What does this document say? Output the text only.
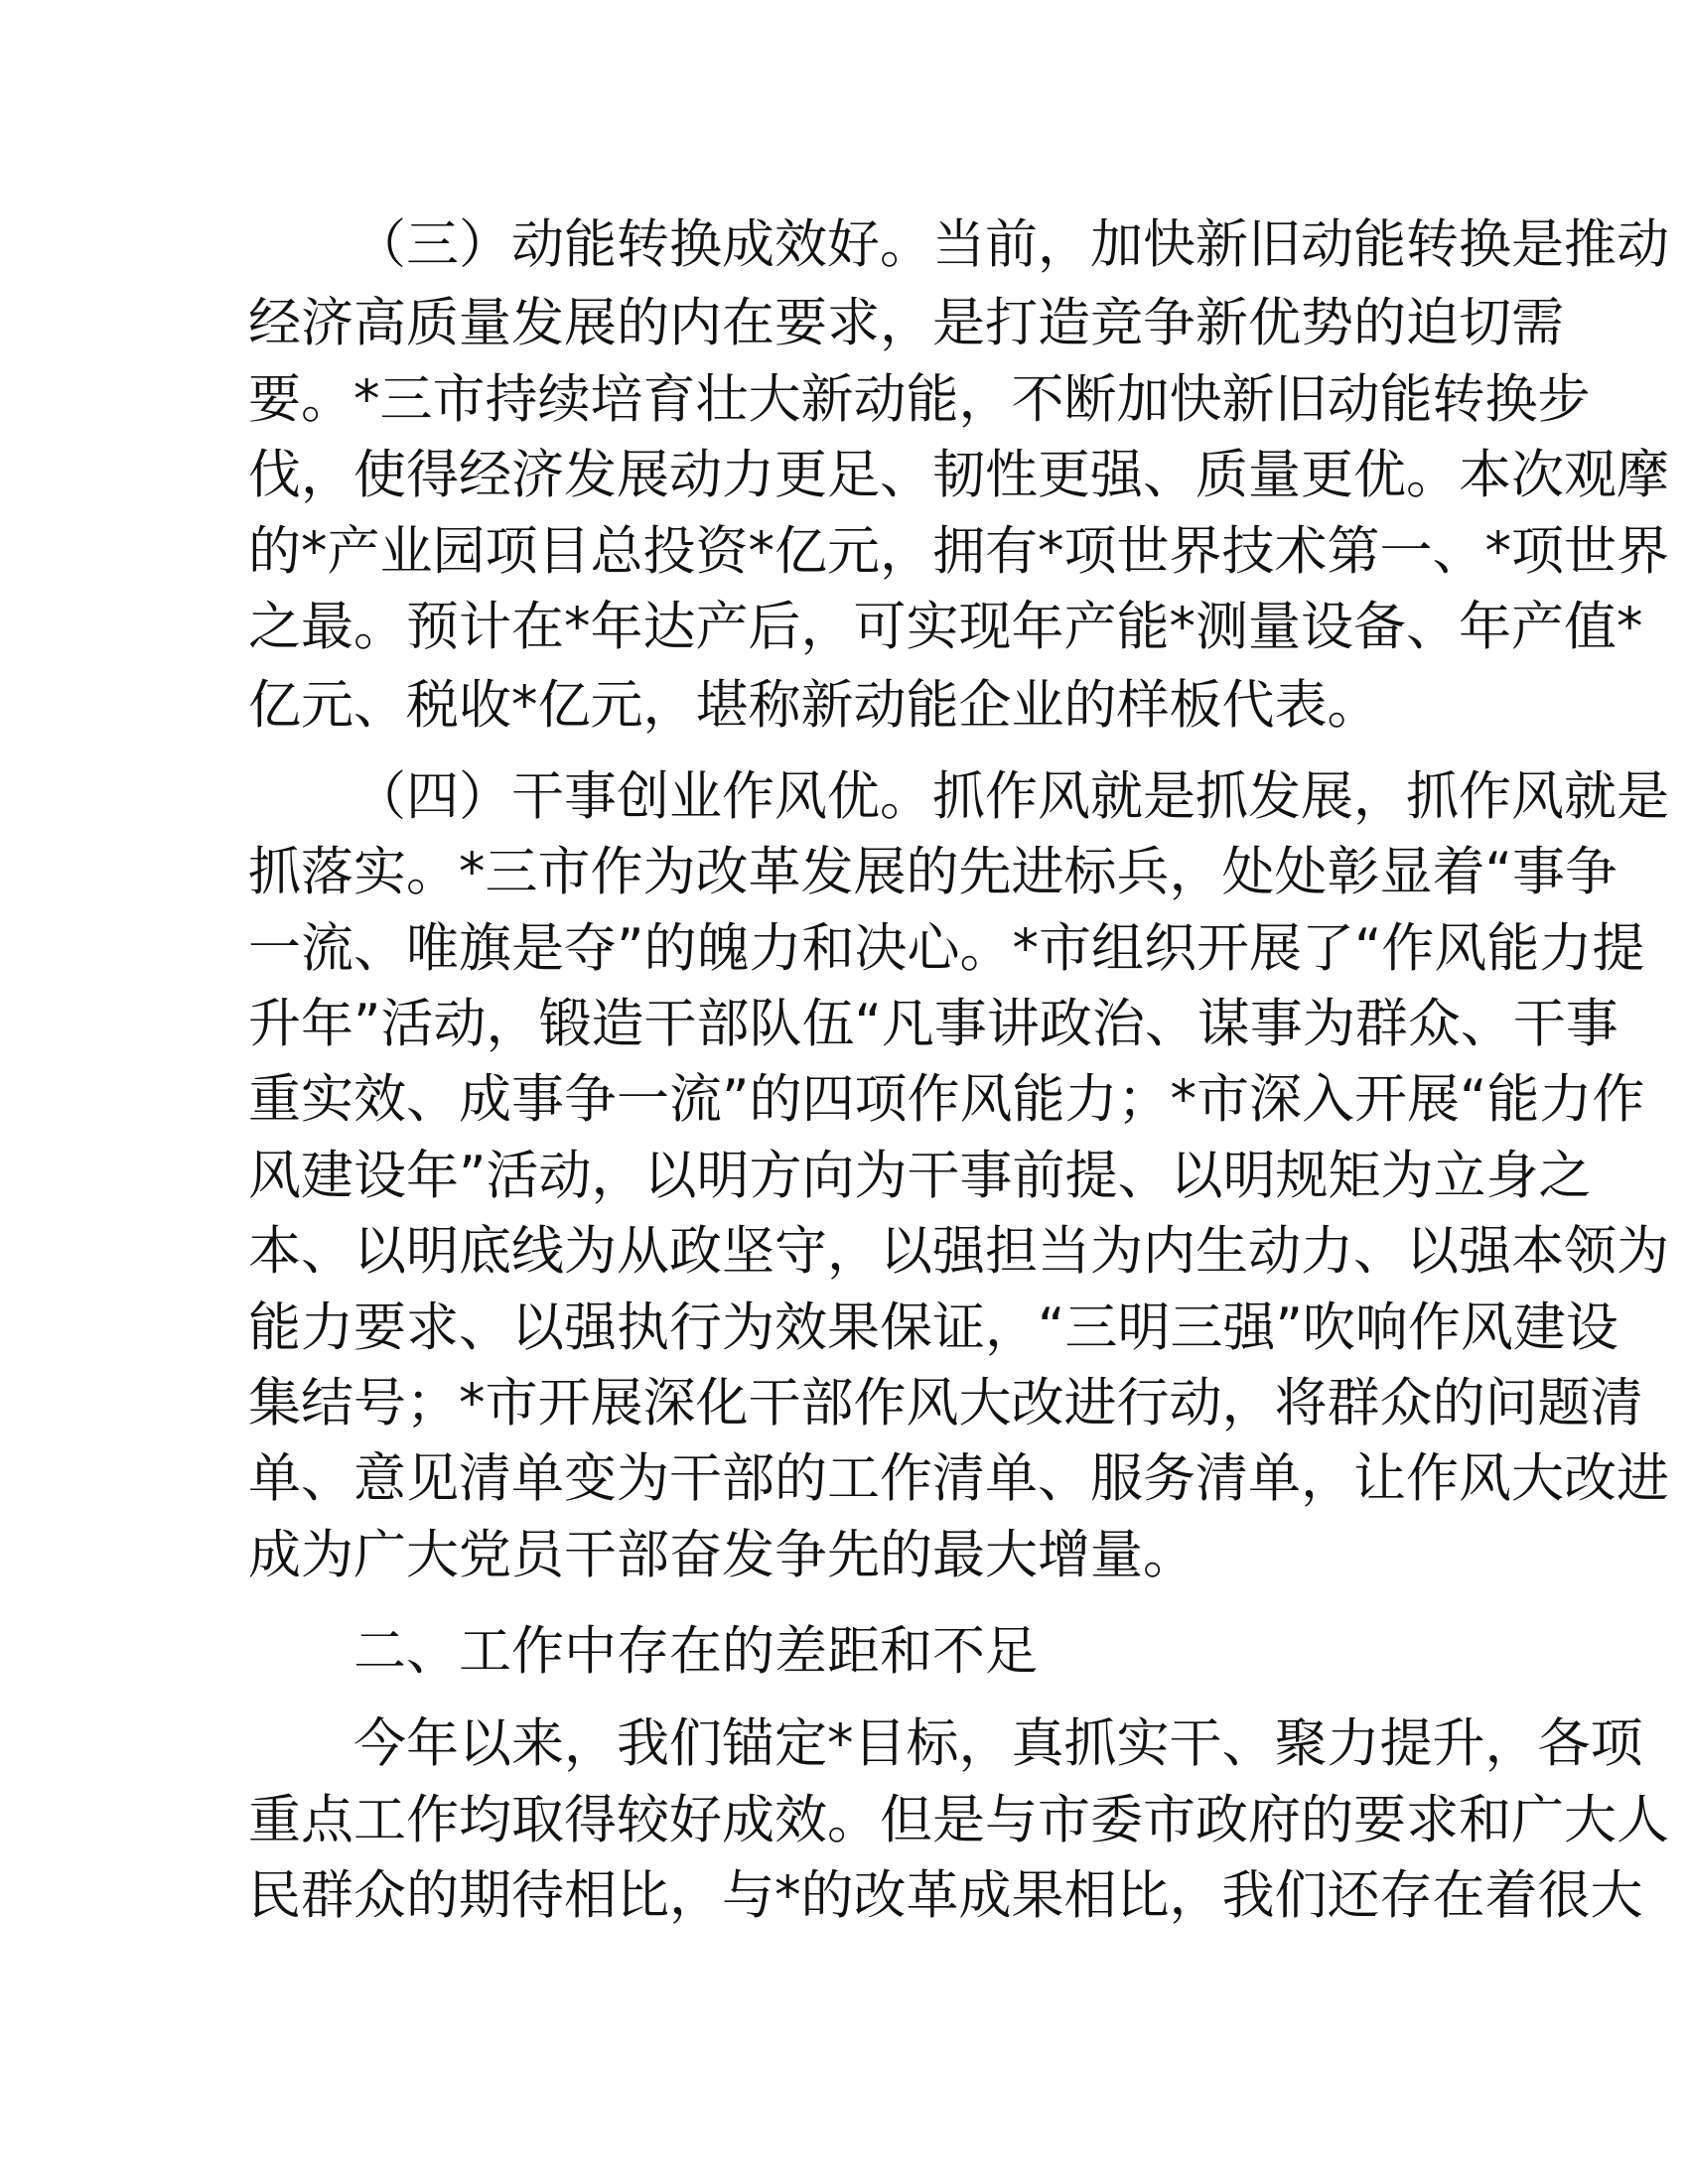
（三）动能转换成效好。当前，加快新旧动能转换是推动
经济高质量发展的内在要求，是打造竞争新优势的迫切需
要。*三市持续培育壮大新动能，不断加快新旧动能转换步
伐，使得经济发展动力更足、韧性更强、质量更优。本次观摩
的*产业园项目总投资*亿元，拥有*项世界技术第一、*项世界
之最。预计在*年达产后，可实现年产能*测量设备、年产值*
亿元、税收*亿元，堪称新动能企业的样板代表。
（四）干事创业作风优。抓作风就是抓发展，抓作风就是
抓落实。*三市作为改革发展的先进标兵，处处彰显着“事争
一流、唯旗是夺”的魄力和决心。*市组织开展了“作风能力提
升年”活动，锻造干部队伍“凡事讲政治、谋事为群众、干事
重实效、成事争一流”的四项作风能力；*市深入开展“能力作
风建设年”活动，以明方向为干事前提、以明规矩为立身之
本、以明底线为从政坚守，以强担当为内生动力、以强本领为
能力要求、以强执行为效果保证，“三明三强”吹响作风建设
集结号；*市开展深化干部作风大改进行动，将群众的问题清
单、意见清单变为干部的工作清单、服务清单，让作风大改进
成为广大党员干部奋发争先的最大增量。
二、工作中存在的差距和不足
今年以来，我们锚定*目标，真抓实干、聚力提升，各项
重点工作均取得较好成效。但是与市委市政府的要求和广大人
民群众的期待相比，与*的改革成果相比，我们还存在着很大
